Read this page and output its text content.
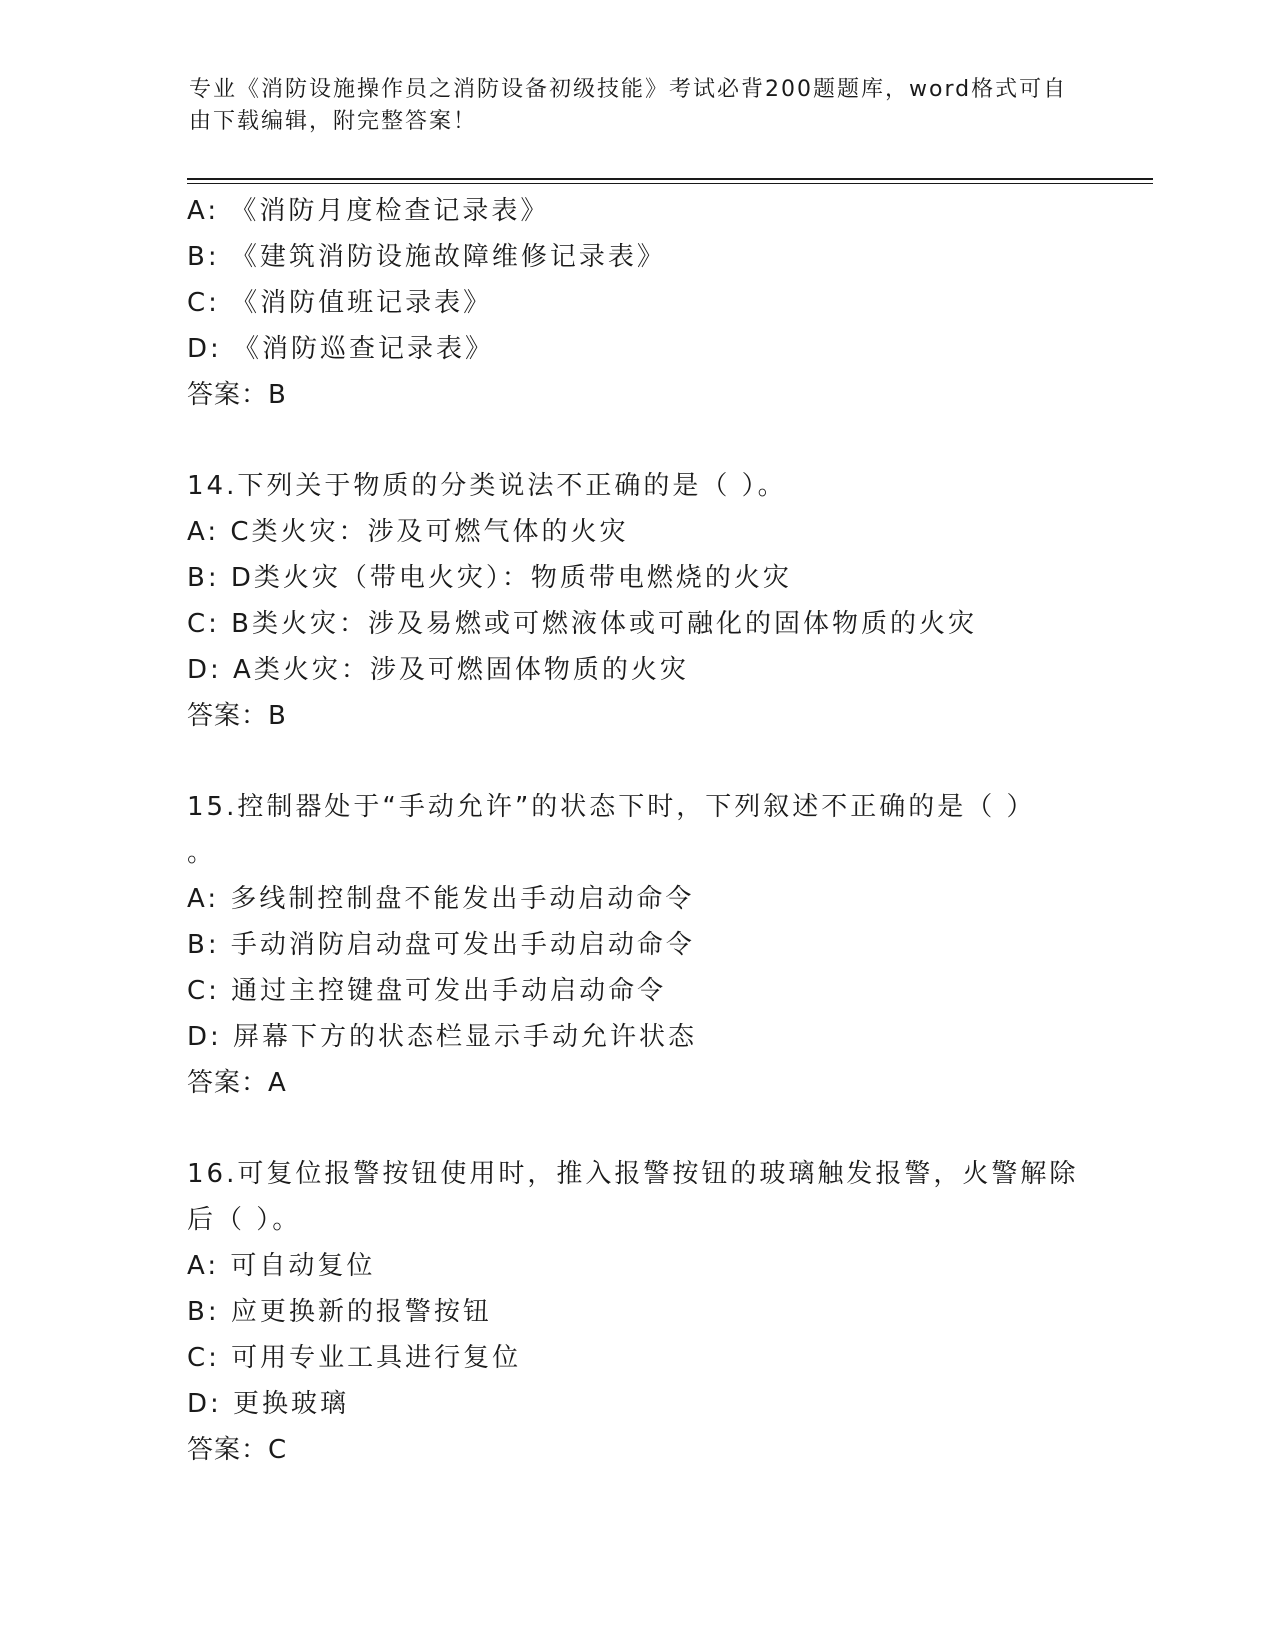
专业《消防设施操作员之消防设备初级技能》考试必背200题题库，word格式可自由下载编辑，附完整答案！
A: 《消防月度检查记录表》
B: 《建筑消防设施故障维修记录表》
C: 《消防值班记录表》
D: 《消防巡查记录表》
答案：B
14.下列关于物质的分类说法不正确的是（ ）。
A: C类火灾：涉及可燃气体的火灾
B: D类火灾（带电火灾）：物质带电燃烧的火灾
C: B类火灾：涉及易燃或可燃液体或可融化的固体物质的火灾
D: A类火灾：涉及可燃固体物质的火灾
答案：B
15.控制器处于“手动允许”的状态下时，下列叙述不正确的是（ ）
。
A: 多线制控制盘不能发出手动启动命令
B: 手动消防启动盘可发出手动启动命令
C: 通过主控键盘可发出手动启动命令
D: 屏幕下方的状态栏显示手动允许状态
答案：A
16.可复位报警按钮使用时，推入报警按钮的玻璃触发报警，火警解除
后（ ）。
A: 可自动复位
B: 应更换新的报警按钮
C: 可用专业工具进行复位
D: 更换玻璃
答案：C
